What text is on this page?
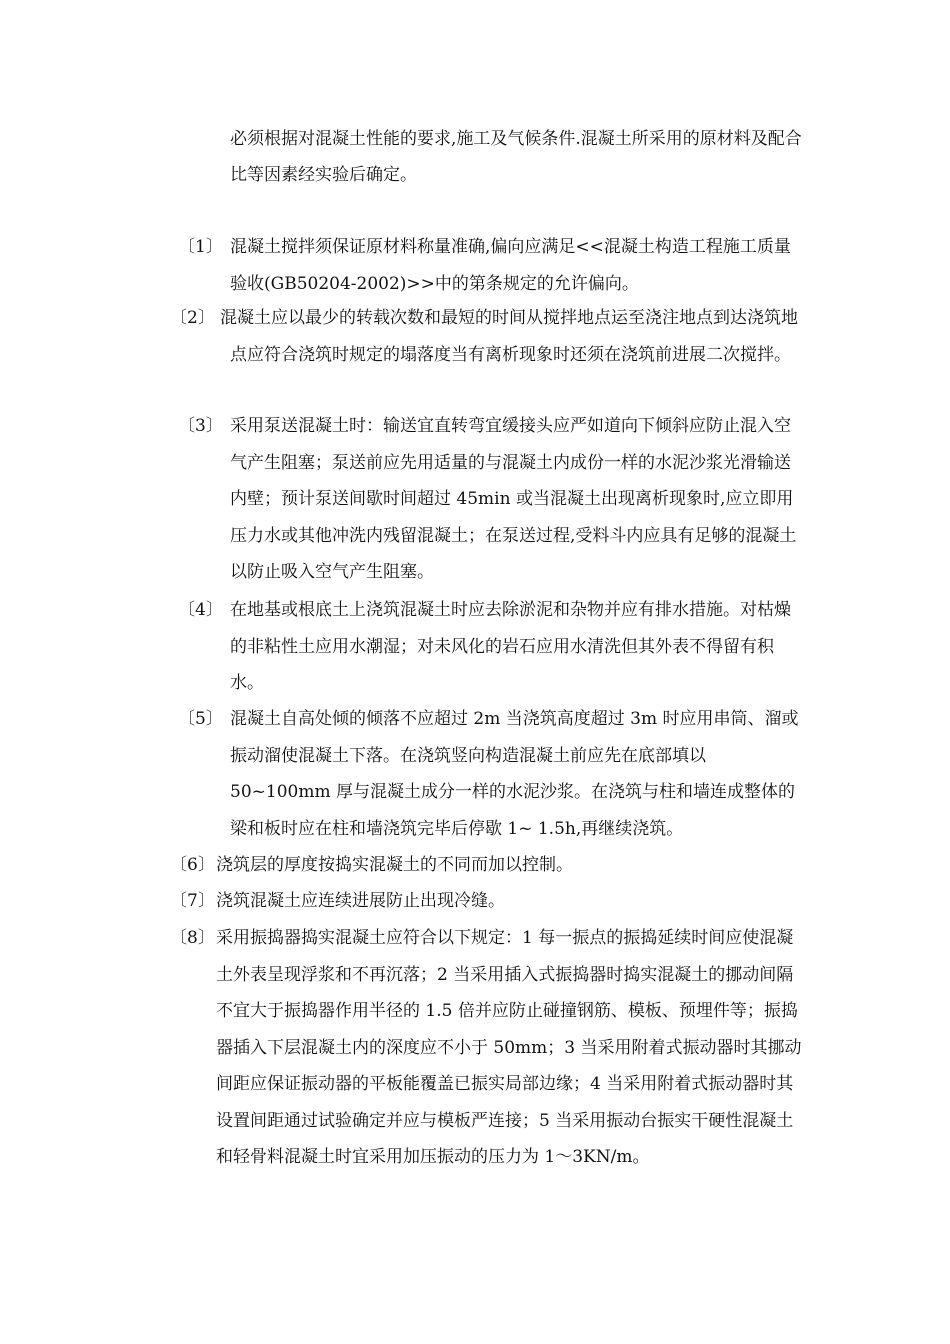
必须根据对混凝土性能的要求,施工及气候条件.混凝土所采用的原材料及配合比等因素经实验后确定。

〔1〕 混凝土搅拌须保证原材料称量准确,偏向应满足<<混凝土构造工程施工质量验收(GB50204-2002)>>中的第条规定的允许偏向。

〔2〕 混凝土应以最少的转载次数和最短的时间从搅拌地点运至浇注地点到达浇筑地点应符合浇筑时规定的塌落度当有离析现象时还须在浇筑前进展二次搅拌。

〔3〕 采用泵送混凝土时：输送宜直转弯宜缓接头应严如道向下倾斜应防止混入空气产生阻塞；泵送前应先用适量的与混凝土内成份一样的水泥沙浆光滑输送内壁；预计泵送间歇时间超过 45min 或当混凝土出现离析现象时,应立即用压力水或其他冲洗内残留混凝土；在泵送过程,受料斗内应具有足够的混凝土以防止吸入空气产生阻塞。

〔4〕 在地基或根底土上浇筑混凝土时应去除淤泥和杂物并应有排水措施。对枯燥的非粘性土应用水潮湿；对未风化的岩石应用水清洗但其外表不得留有积水。

〔5〕 混凝土自高处倾的倾落不应超过 2m 当浇筑高度超过 3m 时应用串筒、溜或振动溜使混凝土下落。在浇筑竖向构造混凝土前应先在底部填以 50~100mm 厚与混凝土成分一样的水泥沙浆。在浇筑与柱和墙连成整体的梁和板时应在柱和墙浇筑完毕后停歇 1~ 1.5h,再继续浇筑。

〔6〕 浇筑层的厚度按捣实混凝土的不同而加以控制。

〔7〕 浇筑混凝土应连续进展防止出现冷缝。

〔8〕 采用振捣器捣实混凝土应符合以下规定：1 每一振点的振捣延续时间应使混凝土外表呈现浮浆和不再沉落；2 当采用插入式振捣器时捣实混凝土的挪动间隔 不宜大于振捣器作用半径的 1.5 倍并应防止碰撞钢筋、模板、预埋件等；振捣器插入下层混凝土内的深度应不小于 50mm；3 当采用附着式振动器时其挪动间距应保证振动器的平板能覆盖已振实局部边缘；4 当采用附着式振动器时其设置间距通过试验确定并应与模板严连接；5 当采用振动台振实干硬性混凝土和轻骨料混凝土时宜采用加压振动的压力为 1～3KN/m。
